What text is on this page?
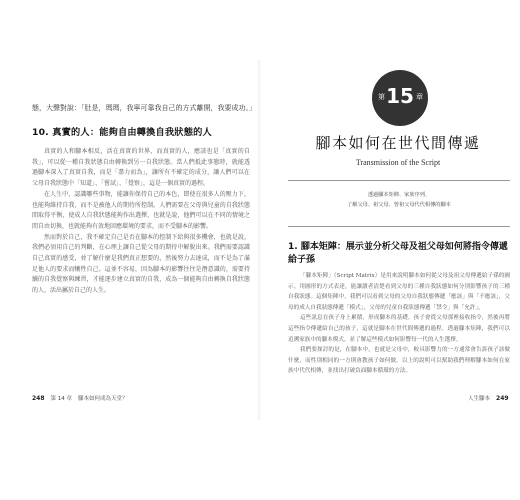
態，大聲對說：「肚是，瑪瑪，我寧可靠我自己的方式離開，我要成功。」
10. 真實的人：能夠自由轉換自我狀態的人

真實的人和腳本相反，活在真實的世界，而真實的人，應該也是「真實的自我」，可以從一種自我狀態自由轉換到另一自我狀態。當人們抵此事態時，就能透過腳本深入了真實自我，而是「盡力而為」，讓所有不確定的成分，讓人們可以在父母自我狀態中「知道」、「嘗試」、「覺察」，這是一個真實的過程。

在人生中，認識哪些事物，能讓你保持自己的本色，即使在很多人的壓力下，也能夠維持自我，而不是被他人的期待所控制。人們需要在父母與兒童的自我狀態間取得平衡，使成人自我狀態能夠作出選擇，也就是說，他們可以在不同的情境之間自由切換，也就能夠有效地回應環境的要求，而不受腳本的影響。

然而對於自己，我不確定自己是否在腳本的控制下給與很多機會，也就是說，我們必須用自己的判斷，在心理上讓自己從父母的期待中解脫出來。我們需要認識自己真實的感受，並了解什麼是我們真正想要的，然後努力去達成，而不是為了滿足他人的要求而犧牲自己。這並不容易，因為腳本的影響往往是潛意識的，需要持續的自我覺察與練習，才能逐步建立真實的自我，成為一個能夠自由轉換自我狀態的人，活出屬於自己的人生。

248 第 14 章 腳本如何成為天堂？
第 15 章
腳本如何在世代間傳遞
Transmission of the Script
透過腳本矩陣、家族序列、
了解父母、祖父母、曾祖父母代代相傳的腳本
1. 腳本矩陣：展示並分析父母及祖父母如何將指令傳遞給子孫

「腳本矩陣」（Script Matrix）是用來說明腳本如何從父母及祖父母傳遞給子孫的圖示。用圖形的方式表達，能讓讀者清楚看到父母的三種自我狀態如何分別影響孩子的三種自我狀態。這個矩陣中，我們可以看到父母的父母自我狀態傳遞「應該」與「不應該」，父母的成人自我狀態傳遞「模式」，父母的兒童自我狀態傳遞「禁令」與「允許」。

這些訊息在孩子身上累積，形成腳本的基礎。孩子會從父母那裡接收指令，然後再將這些指令傳遞給自己的孩子，這就是腳本在世代間傳遞的過程。透過腳本矩陣，我們可以追溯家族中的腳本模式，並了解這些模式如何影響每一代的人生選擇。

我們要探討的是，在腳本中，也就是父母中，較具影響力的一方通常會告訴孩子該做什麼，而性別相同的一方則會教孩子如何做。以上的說明可以幫助我們理解腳本如何在家族中代代相傳，並找出打破負面腳本循環的方法。

人生腳本 249
